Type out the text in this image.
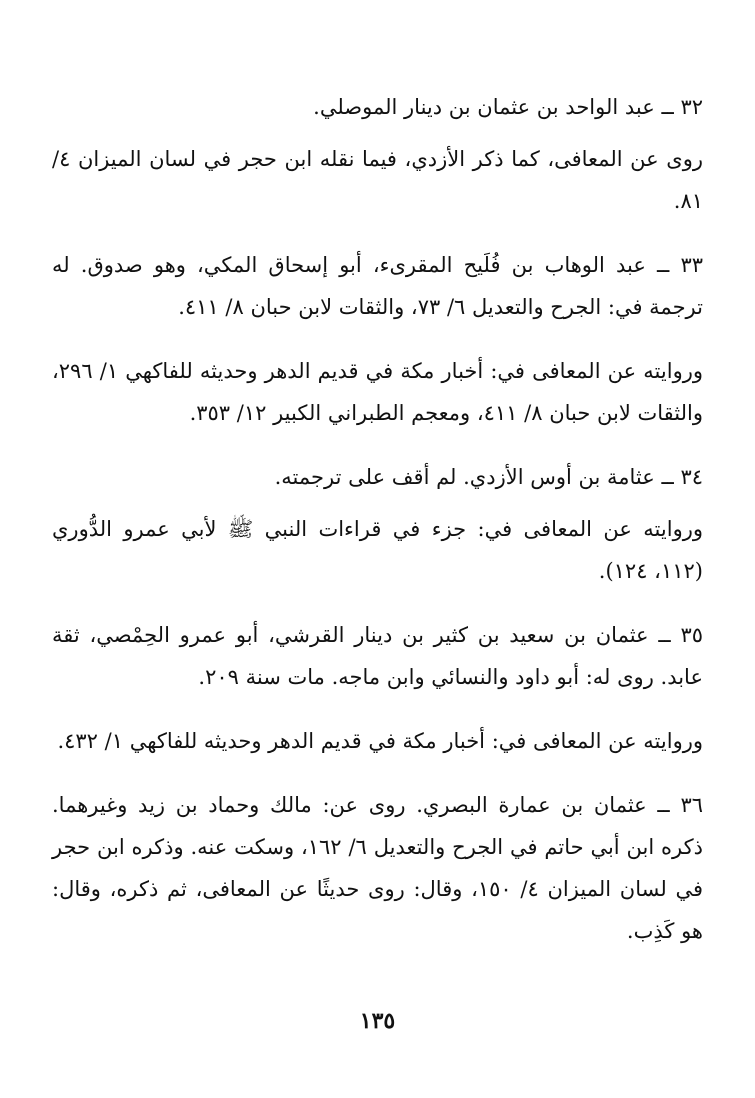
٣٢ ــ عبد الواحد بن عثمان بن دينار الموصلي.

روى عن المعافى، كما ذكر الأزدي، فيما نقله ابن حجر في لسان الميزان ٤/ ٨١.

٣٣ ــ عبد الوهاب بن فُلَيح المقرىء، أبو إسحاق المكي، وهو صدوق. له ترجمة في: الجرح والتعديل ٦/ ٧٣، والثقات لابن حبان ٨/ ٤١١.

وروايته عن المعافى في: أخبار مكة في قديم الدهر وحديثه للفاكهي ١/ ٢٩٦، والثقات لابن حبان ٨/ ٤١١، ومعجم الطبراني الكبير ١٢/ ٣٥٣.

٣٤ ــ عثامة بن أوس الأزدي. لم أقف على ترجمته.

وروايته عن المعافى في: جزء في قراءات النبي ﷺ لأبي عمرو الدُّوري (١١٢، ١٢٤).

٣٥ ــ عثمان بن سعيد بن كثير بن دينار القرشي، أبو عمرو الحِمْصي، ثقة عابد. روى له: أبو داود والنسائي وابن ماجه. مات سنة ٢٠٩.

وروايته عن المعافى في: أخبار مكة في قديم الدهر وحديثه للفاكهي ١/ ٤٣٢.

٣٦ ــ عثمان بن عمارة البصري. روى عن: مالك وحماد بن زيد وغيرهما. ذكره ابن أبي حاتم في الجرح والتعديل ٦/ ١٦٢، وسكت عنه. وذكره ابن حجر في لسان الميزان ٤/ ١٥٠، وقال: روى حديثًا عن المعافى، ثم ذكره، وقال: هو كَذِب.

١٣٥
